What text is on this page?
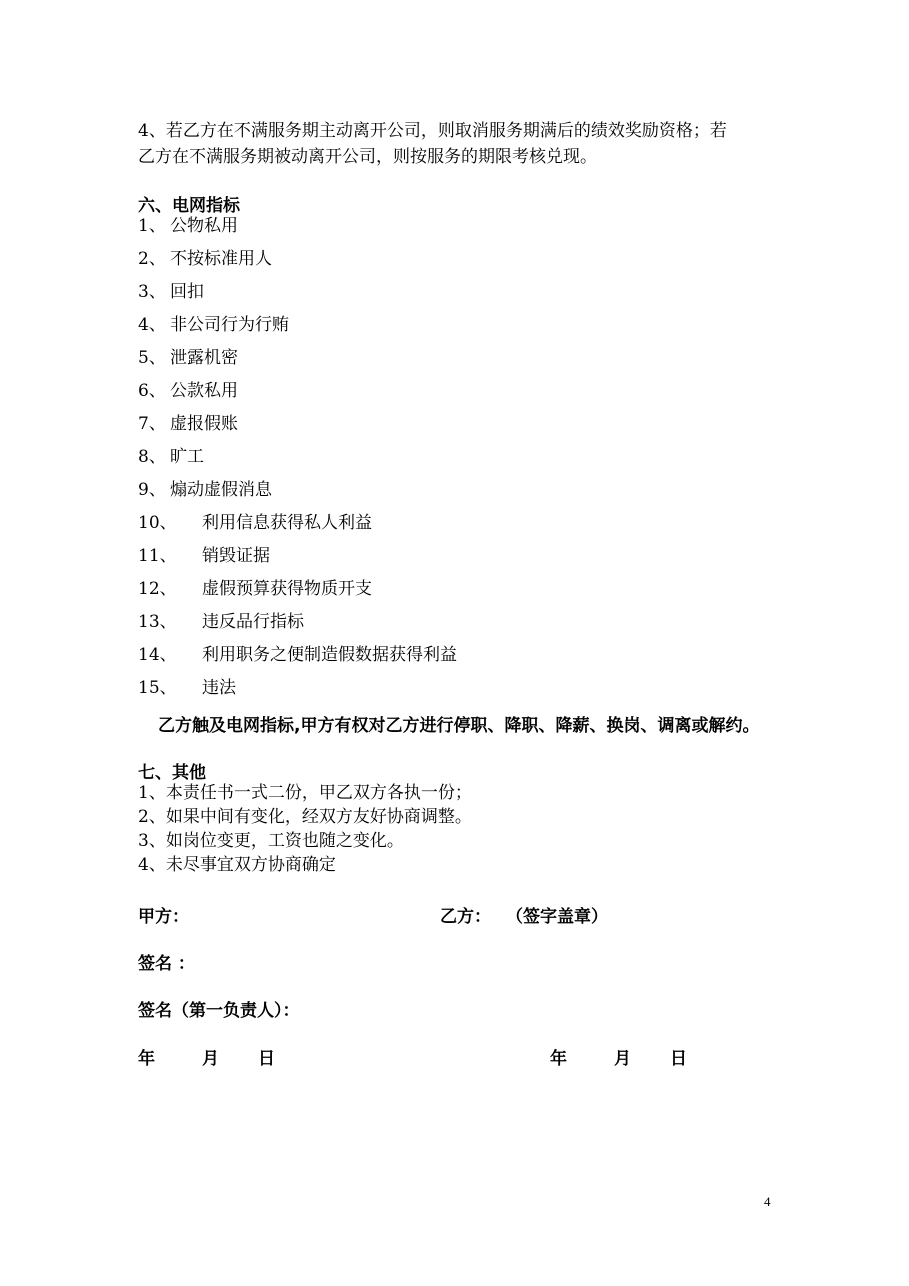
4、若乙方在不满服务期主动离开公司，则取消服务期满后的绩效奖励资格；若
乙方在不满服务期被动离开公司，则按服务的期限考核兑现。
六、电网指标
1、 公物私用
2、 不按标准用人
3、 回扣
4、 非公司行为行贿
5、 泄露机密
6、 公款私用
7、 虚报假账
8、 旷工
9、 煽动虚假消息
10、 利用信息获得私人利益
11、 销毁证据
12、 虚假预算获得物质开支
13、 违反品行指标
14、 利用职务之便制造假数据获得利益
15、 违法
乙方触及电网指标,甲方有权对乙方进行停职、降职、降薪、换岗、调离或解约。
七、其他
1、本责任书一式二份，甲乙双方各执一份；
2、如果中间有变化，经双方友好协商调整。
3、如岗位变更，工资也随之变化。
4、未尽事宜双方协商确定
甲方：	乙方： （签字盖章）
签名 ：
签名（第一负责人）：
年	月 日	年	月 日
4
